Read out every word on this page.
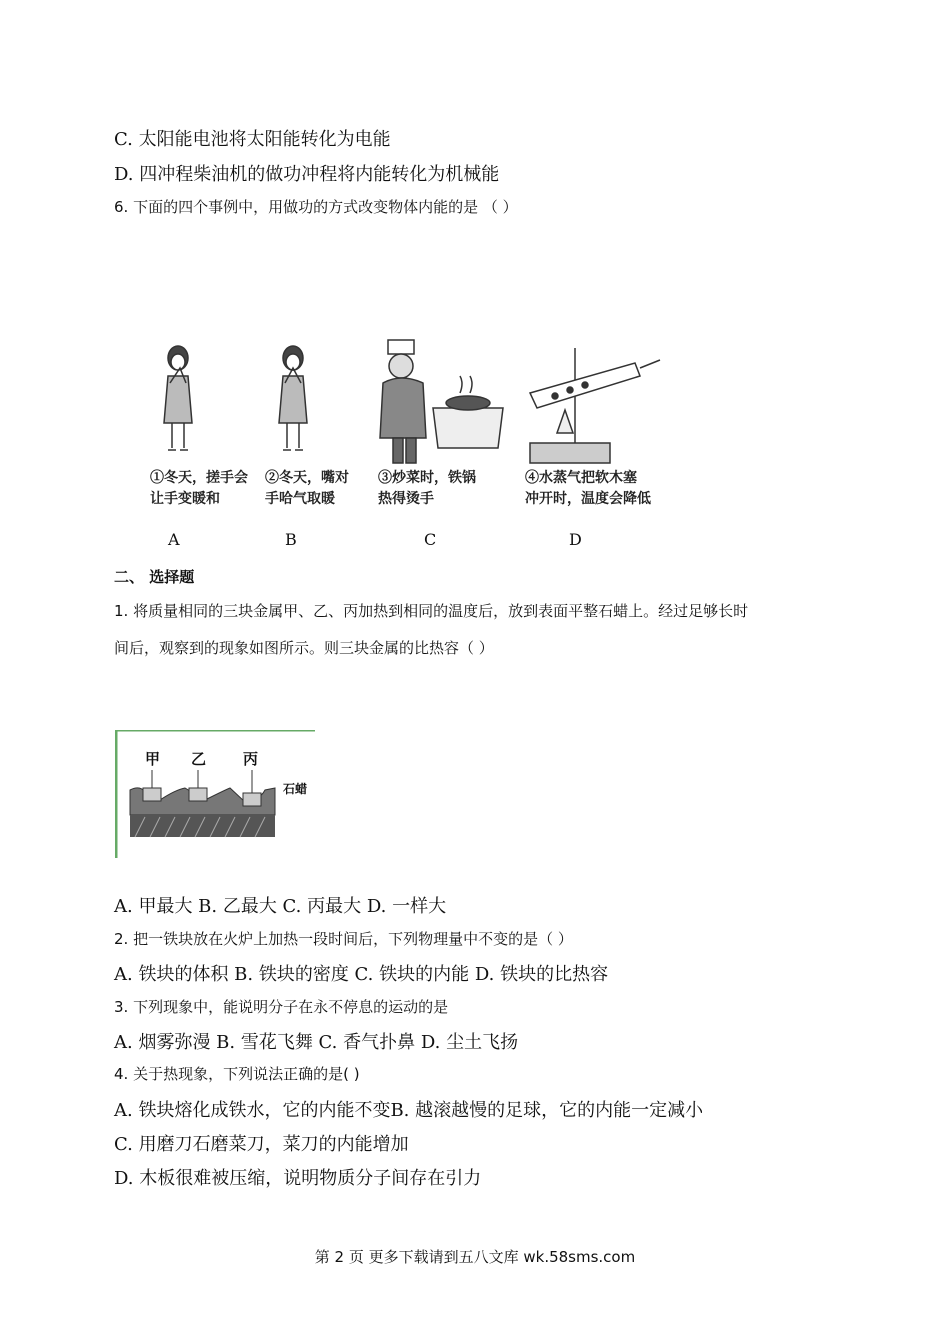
C. 太阳能电池将太阳能转化为电能
D. 四冲程柴油机的做功冲程将内能转化为机械能
6. 下面的四个事例中，用做功的方式改变物体内能的是 （ ）
①冬天，搓手会
让手变暖和
②冬天，嘴对
手哈气取暖
③炒菜时，铁锅
热得烫手
④水蒸气把软木塞
冲开时，温度会降低
A	B	C	D
二、 选择题
1. 将质量相同的三块金属甲、乙、丙加热到相同的温度后，放到表面平整石蜡上。经过足够长时
间后，观察到的现象如图所示。则三块金属的比热容（ ）
甲 乙 丙
石蜡
A. 甲最大 B. 乙最大 C. 丙最大 D. 一样大
2. 把一铁块放在火炉上加热一段时间后，下列物理量中不变的是（ ）
A. 铁块的体积 B. 铁块的密度 C. 铁块的内能 D. 铁块的比热容
3. 下列现象中，能说明分子在永不停息的运动的是
A. 烟雾弥漫 B. 雪花飞舞 C. 香气扑鼻 D. 尘土飞扬
4. 关于热现象，下列说法正确的是( )
A. 铁块熔化成铁水，它的内能不变B. 越滚越慢的足球，它的内能一定减小
C. 用磨刀石磨菜刀，菜刀的内能增加
D. 木板很难被压缩，说明物质分子间存在引力
第 2 页 更多下载请到五八文库 wk.58sms.com
